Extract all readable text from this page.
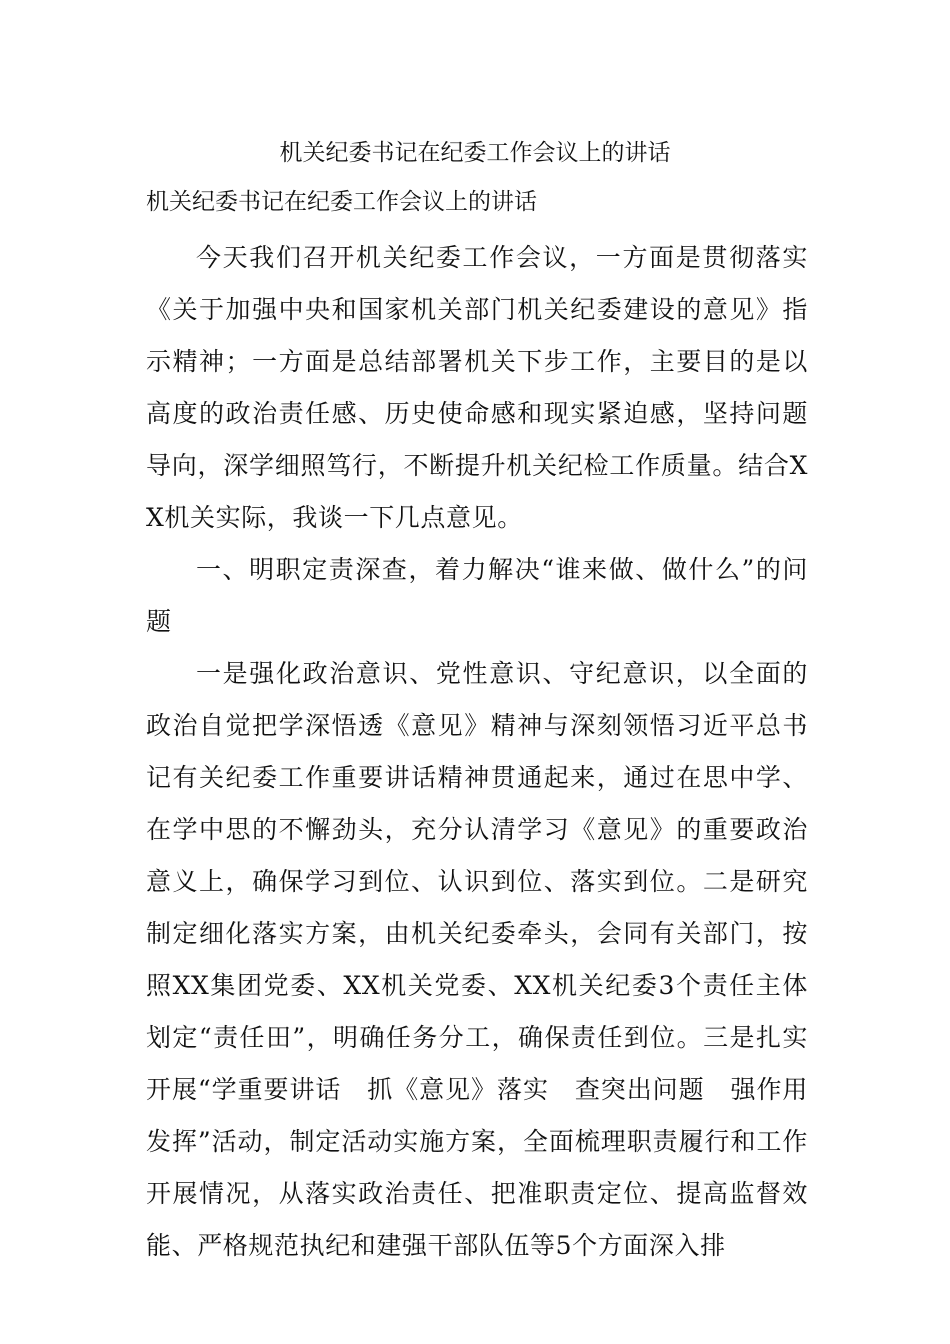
机关纪委书记在纪委工作会议上的讲话
机关纪委书记在纪委工作会议上的讲话

今天我们召开机关纪委工作会议，一方面是贯彻落实《关于加强中央和国家机关部门机关纪委建设的意见》指示精神；一方面是总结部署机关下步工作，主要目的是以高度的政治责任感、历史使命感和现实紧迫感，坚持问题导向，深学细照笃行，不断提升机关纪检工作质量。结合XX机关实际，我谈一下几点意见。

一、明职定责深查，着力解决“谁来做、做什么”的问题

一是强化政治意识、党性意识、守纪意识，以全面的政治自觉把学深悟透《意见》精神与深刻领悟习近平总书记有关纪委工作重要讲话精神贯通起来，通过在思中学、在学中思的不懈劲头，充分认清学习《意见》的重要政治意义上，确保学习到位、认识到位、落实到位。二是研究制定细化落实方案，由机关纪委牵头，会同有关部门，按照XX集团党委、XX机关党委、XX机关纪委3个责任主体划定“责任田”，明确任务分工，确保责任到位。三是扎实开展“学重要讲话　抓《意见》落实　查突出问题　强作用发挥”活动，制定活动实施方案，全面梳理职责履行和工作开展情况，从落实政治责任、把准职责定位、提高监督效能、严格规范执纪和建强干部队伍等5个方面深入排
